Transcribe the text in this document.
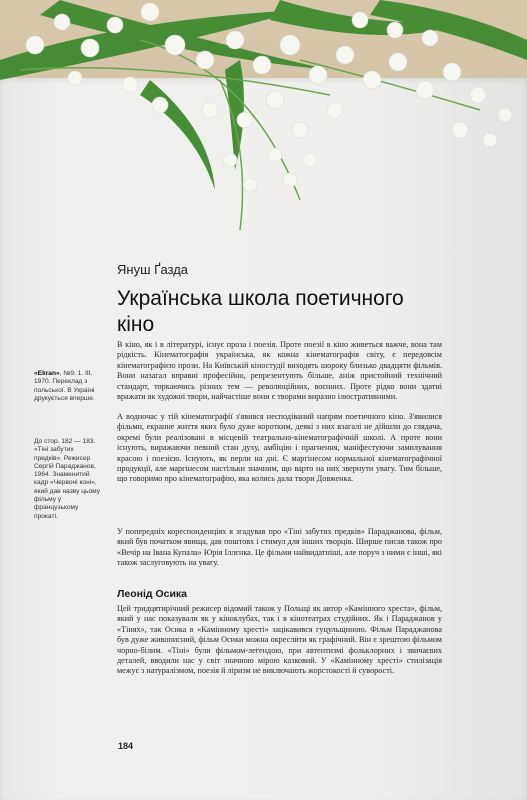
Януш Ґазда
Українська школа поетичного кіно

«Ekran», №9. 1. III. 1970. Переклад з польської. В Україні друкується вперше.

До стор. 182 — 183. «Тіні забутих предків». Режисер Сергій Параджанов, 1964. Знаменитий кадр «Червоні коні», який дав назву цьому фільму у французькому прокаті.

В кіно, як і в літературі, існує проза і поезія. Проте поезії в кіно живеться важче, вона там рідкість. Кінематографія українська, як кожна кінематографія світу, є передовсім кінематографією прози. На Київській кіностудії виходять шороку близько двадцяти фільмів. Вони назагал вправні професійно, репрезентують більше, аніж пристойний технічний стандарт, торкаючись різних тем — революційних, воєнних. Проте рідко вони здатні вражати як художні твори, найчастіше вони є творами виразно ілюстративними.

А водночас у тій кінематографії з'явився несподіваний напрям поетичного кіно. З'явилися фільми, екранне життя яких було дуже коротким, деякі з них взагалі не дійшли до глядача, окремі були реалізовані в місцевій театрально-кінематографічній школі. А проте вони існують, виражаючи певний стан духу, амбіцію і прагнення, маніфестуючи замилування красою і поезією. Існують, як перли на дні. Є маргінесом нормальної кінематографічної продукції, але маргінесом настільки значним, що варто на них звернути увагу. Тим більше, що говоримо про кінематографію, яка колись дала твори Довженка.

У попередніх кореспонденціях я згадував про «Тіні забутих предків» Параджанова, фільм, який був початком явища, дав поштовх і стимул для інших творців. Ширше писав також про «Вечір на Івана Купала» Юрія Іллєнка. Це фільми найвидатніші, але поруч з ними є інші, які також заслуговують на увагу.

Леонід Осика

Цей тридцятирічний режисер відомий також у Польщі як автор «Камінного хреста», фільм, який у нас показували як у кіноклубах, так і в кінотеатрах студійних. Як і Параджанов у «Тінях», так Осика в «Камінному хресті» зацікавився гуцульщиною. Фільм Параджанова був дуже живописний, фільм Осики можна окреслити як графічний. Він є зрештою фільмом чорно-білим. «Тіні» були фільмом-легендою, при автентизмі фольклорних і звичаєвих деталей, вводили нас у світ значною мірою казковий. У «Камінному хресті» стилізація межує з натуралізмом, поезія й ліризм не виключають жорстокості й суворості.

184
